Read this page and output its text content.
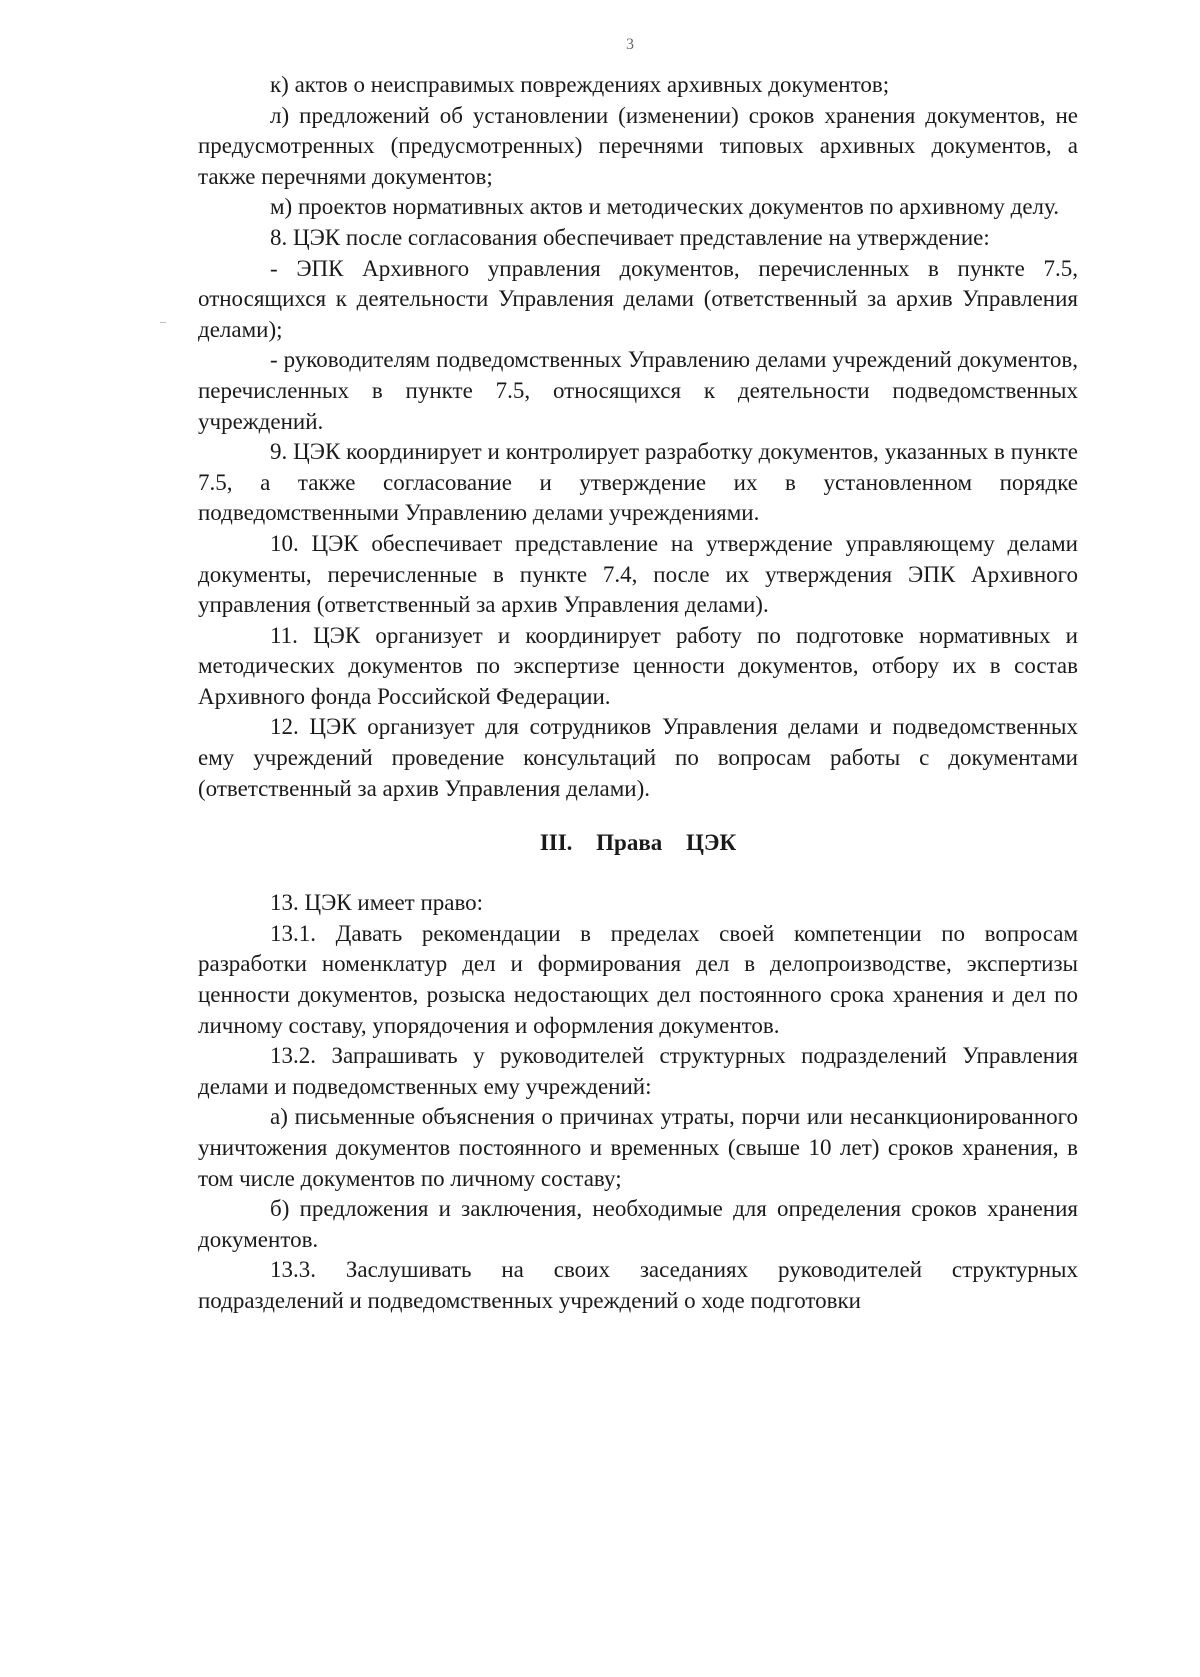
3

к) актов о неисправимых повреждениях архивных документов;

л) предложений об установлении (изменении) сроков хранения документов, не предусмотренных (предусмотренных) перечнями типовых архивных документов, а также перечнями документов;

м) проектов нормативных актов и методических документов по архивному делу.

8. ЦЭК после согласования обеспечивает представление на утверждение:

- ЭПК Архивного управления документов, перечисленных в пункте 7.5, относящихся к деятельности Управления делами (ответственный за архив Управления делами);

- руководителям подведомственных Управлению делами учреждений документов, перечисленных в пункте 7.5, относящихся к деятельности подведомственных учреждений.

9. ЦЭК координирует и контролирует разработку документов, указанных в пункте 7.5, а также согласование и утверждение их в установленном порядке подведомственными Управлению делами учреждениями.

10. ЦЭК обеспечивает представление на утверждение управляющему делами документы, перечисленные в пункте 7.4, после их утверждения ЭПК Архивного управления (ответственный за архив Управления делами).

11. ЦЭК организует и координирует работу по подготовке нормативных и методических документов по экспертизе ценности документов, отбору их в состав Архивного фонда Российской Федерации.

12. ЦЭК организует для сотрудников Управления делами и подведомственных ему учреждений проведение консультаций по вопросам работы с документами (ответственный за архив Управления делами).

III. Права ЦЭК

13. ЦЭК имеет право:

13.1. Давать рекомендации в пределах своей компетенции по вопросам разработки номенклатур дел и формирования дел в делопроизводстве, экспертизы ценности документов, розыска недостающих дел постоянного срока хранения и дел по личному составу, упорядочения и оформления документов.

13.2. Запрашивать у руководителей структурных подразделений Управления делами и подведомственных ему учреждений:

а) письменные объяснения о причинах утраты, порчи или несанкционированного уничтожения документов постоянного и временных (свыше 10 лет) сроков хранения, в том числе документов по личному составу;

б) предложения и заключения, необходимые для определения сроков хранения документов.

13.3. Заслушивать на своих заседаниях руководителей структурных подразделений и подведомственных учреждений о ходе подготовки
